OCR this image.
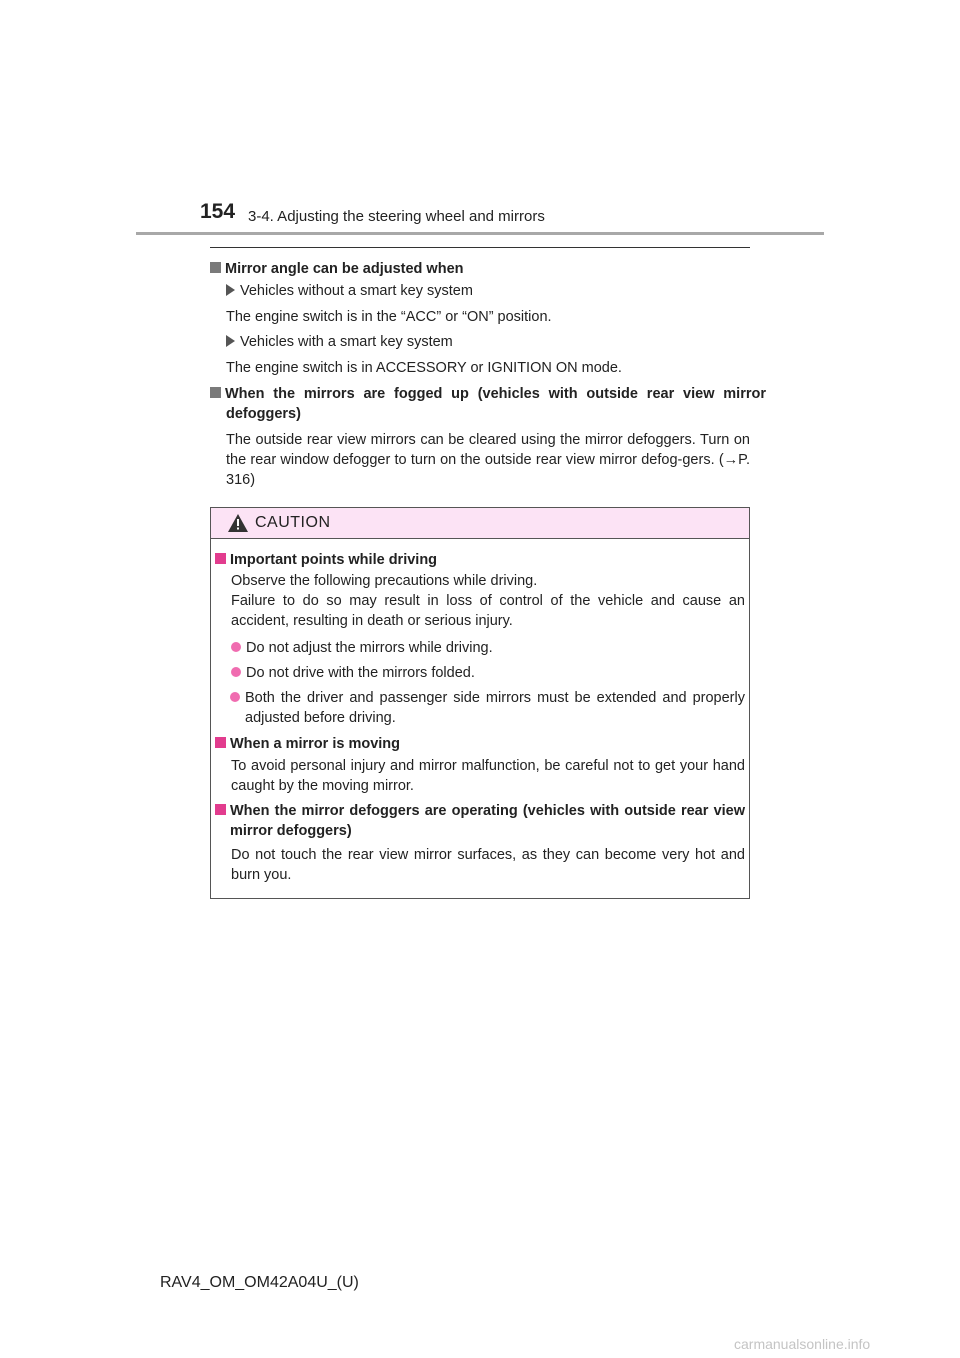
154 3-4. Adjusting the steering wheel and mirrors
Mirror angle can be adjusted when
Vehicles without a smart key system
The engine switch is in the “ACC” or “ON” position.
Vehicles with a smart key system
The engine switch is in ACCESSORY or IGNITION ON mode.
When the mirrors are fogged up (vehicles with outside rear view mirror defoggers)
The outside rear view mirrors can be cleared using the mirror defoggers. Turn on the rear window defogger to turn on the outside rear view mirror defog-gers. (→P. 316)
CAUTION
Important points while driving
Observe the following precautions while driving.
Failure to do so may result in loss of control of the vehicle and cause an accident, resulting in death or serious injury.
Do not adjust the mirrors while driving.
Do not drive with the mirrors folded.
Both the driver and passenger side mirrors must be extended and properly adjusted before driving.
When a mirror is moving
To avoid personal injury and mirror malfunction, be careful not to get your hand caught by the moving mirror.
When the mirror defoggers are operating (vehicles with outside rear view mirror defoggers)
Do not touch the rear view mirror surfaces, as they can become very hot and burn you.
RAV4_OM_OM42A04U_(U)
carmanualsonline.info
